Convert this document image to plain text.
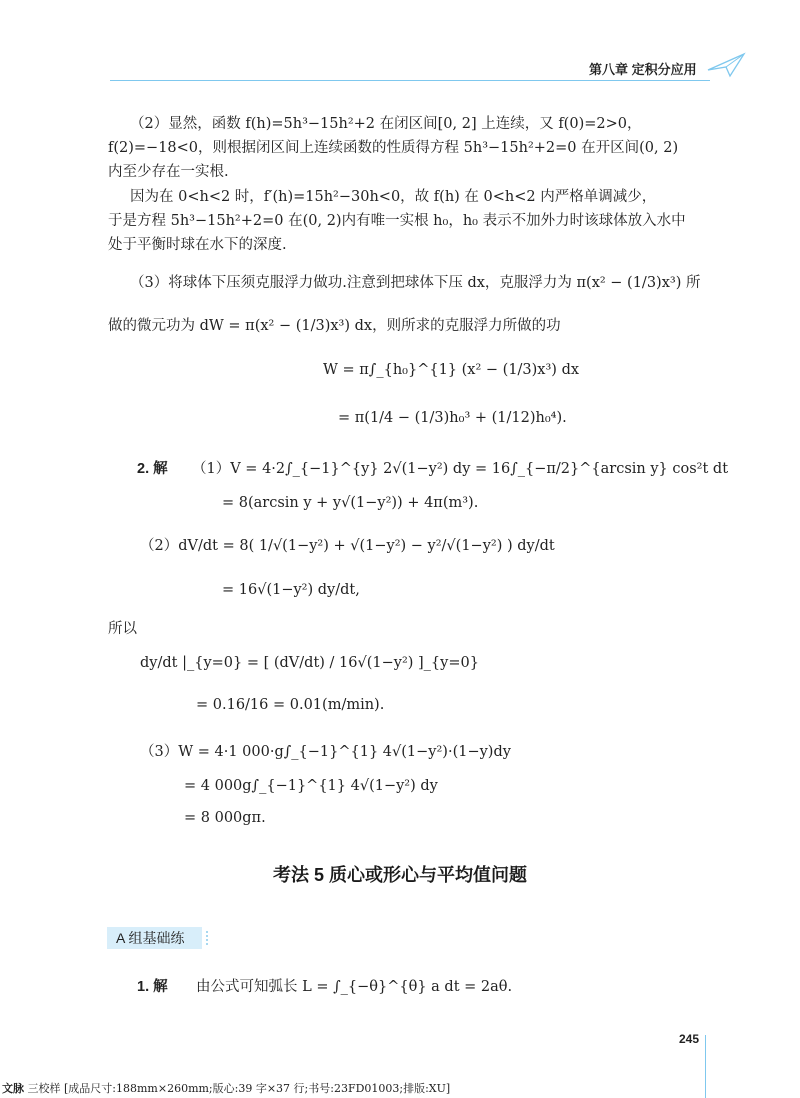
第八章 定积分应用
（2）显然，函数 f(h)=5h³−15h²+2 在闭区间[0, 2] 上连续，又 f(0)=2>0，
f(2)=−18<0，则根据闭区间上连续函数的性质得方程 5h³−15h²+2=0 在开区间(0, 2)
内至少存在一实根.
因为在 0<h<2 时，f′(h)=15h²−30h<0，故 f(h) 在 0<h<2 内严格单调减少，
于是方程 5h³−15h²+2=0 在(0, 2)内有唯一实根 h₀，h₀ 表示不加外力时该球体放入水中
处于平衡时球在水下的深度.
（3）将球体下压须克服浮力做功.注意到把球体下压 dx，克服浮力为 π(x² − (1/3)x³) 所
做的微元功为 dW = π(x² − (1/3)x³) dx，则所求的克服浮力所做的功
W = π∫_{h₀}^{1} (x² − (1/3)x³) dx
= π(1/4 − (1/3)h₀³ + (1/12)h₀⁴).
2. 解 （1）V = 4·2∫_{−1}^{y} 2√(1−y²) dy = 16∫_{−π/2}^{arcsin y} cos²t dt
= 8(arcsin y + y√(1−y²)) + 4π(m³).
（2）dV/dt = 8( 1/√(1−y²) + √(1−y²) − y²/√(1−y²) ) dy/dt
= 16√(1−y²) dy/dt,
所以
dy/dt |_{y=0} = [ (dV/dt) / 16√(1−y²) ]_{y=0}
= 0.16/16 = 0.01(m/min).
（3）W = 4·1 000·g∫_{−1}^{1} 4√(1−y²)·(1−y)dy
= 4 000g∫_{−1}^{1} 4√(1−y²) dy
= 8 000gπ.
考法 5 质心或形心与平均值问题
A 组基础练
1. 解 由公式可知弧长 L = ∫_{−θ}^{θ} a dt = 2aθ.
245
文脉 三校样 [成品尺寸:188mm×260mm;版心:39 字×37 行;书号:23FD01003;排版:XU]
